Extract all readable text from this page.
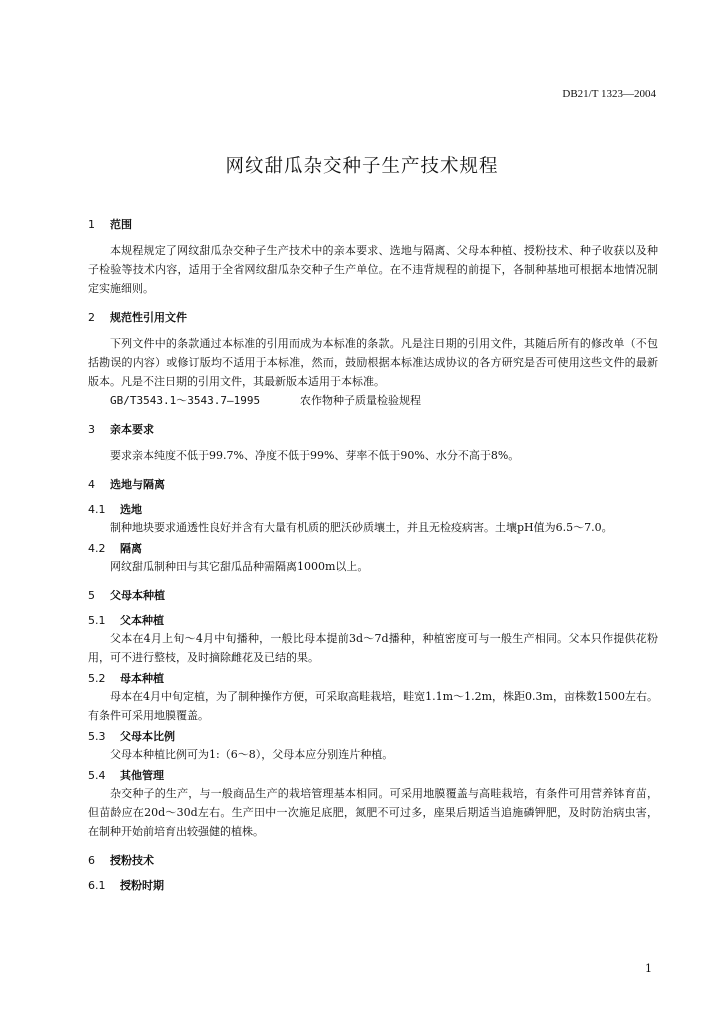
DB21/T 1323—2004
网纹甜瓜杂交种子生产技术规程
1 范围

本规程规定了网纹甜瓜杂交种子生产技术中的亲本要求、选地与隔离、父母本种植、授粉技术、种子收获以及种子检验等技术内容，适用于全省网纹甜瓜杂交种子生产单位。在不违背规程的前提下，各制种基地可根据本地情况制定实施细则。

2 规范性引用文件

下列文件中的条款通过本标准的引用而成为本标准的条款。凡是注日期的引用文件，其随后所有的修改单（不包括勘误的内容）或修订版均不适用于本标准，然而，鼓励根据本标准达成协议的各方研究是否可使用这些文件的最新版本。凡是不注日期的引用文件，其最新版本适用于本标准。

GB/T3543.1～3543.7—1995	农作物种子质量检验规程
3 亲本要求

要求亲本纯度不低于99.7%、净度不低于99%、芽率不低于90%、水分不高于8%。

4 选地与隔离
4.1 选地

制种地块要求通透性良好并含有大量有机质的肥沃砂质壤土，并且无检疫病害。土壤pH值为6.5～7.0。

4.2 隔离

网纹甜瓜制种田与其它甜瓜品种需隔离1000m以上。

5 父母本种植
5.1 父本种植

父本在4月上旬～4月中旬播种，一般比母本提前3d～7d播种，种植密度可与一般生产相同。父本只作提供花粉用，可不进行整枝，及时摘除雌花及已结的果。

5.2 母本种植

母本在4月中旬定植，为了制种操作方便，可采取高畦栽培，畦宽1.1m～1.2m，株距0.3m，亩株数1500左右。有条件可采用地膜覆盖。

5.3 父母本比例

父母本种植比例可为1:（6～8），父母本应分别连片种植。

5.4 其他管理

杂交种子的生产，与一般商品生产的栽培管理基本相同。可采用地膜覆盖与高畦栽培，有条件可用营养钵育苗，但苗龄应在20d～30d左右。生产田中一次施足底肥，氮肥不可过多，座果后期适当追施磷钾肥，及时防治病虫害，在制种开始前培育出较强健的植株。

6 授粉技术
6.1 授粉时期
1
